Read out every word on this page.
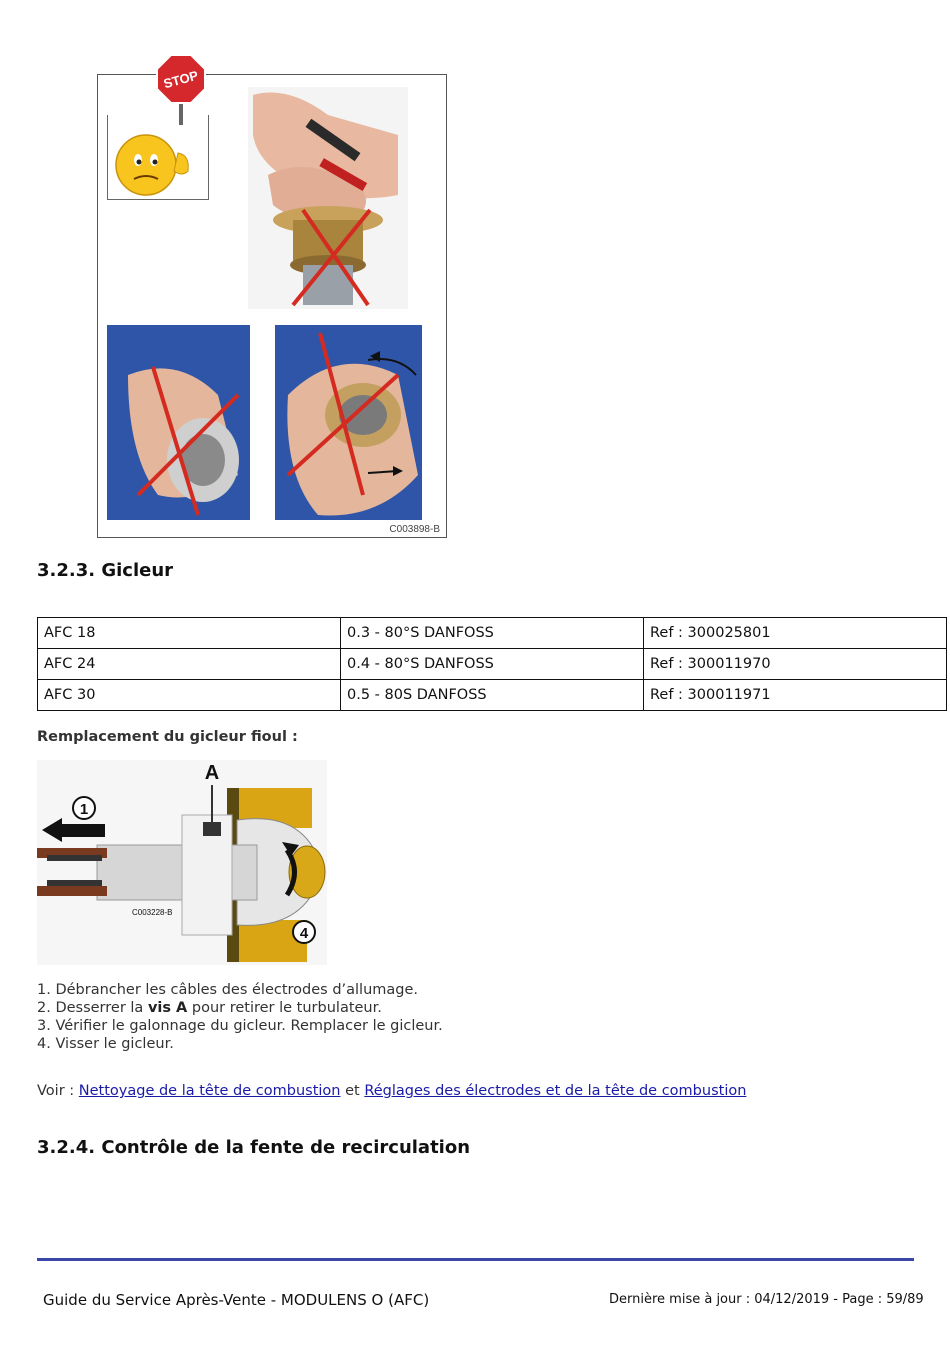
STOP
C003898-B
3.2.3. Gicleur
AFC 18	0.3 - 80°S DANFOSS	Ref : 300025801
AFC 24	0.4 - 80°S DANFOSS	Ref : 300011970
AFC 30	0.5 - 80S DANFOSS	Ref : 300011971
Remplacement du gicleur fioul :
A
1
4
C003228-B
1. Débrancher les câbles des électrodes d’allumage.
2. Desserrer la vis A pour retirer le turbulateur.
3. Vérifier le galonnage du gicleur. Remplacer le gicleur.
4. Visser le gicleur.
Voir : Nettoyage de la tête de combustion et Réglages des électrodes et de la tête de combustion
3.2.4. Contrôle de la fente de recirculation
Guide du Service Après-Vente - MODULENS O (AFC)	Dernière mise à jour : 04/12/2019 - Page : 59/89
